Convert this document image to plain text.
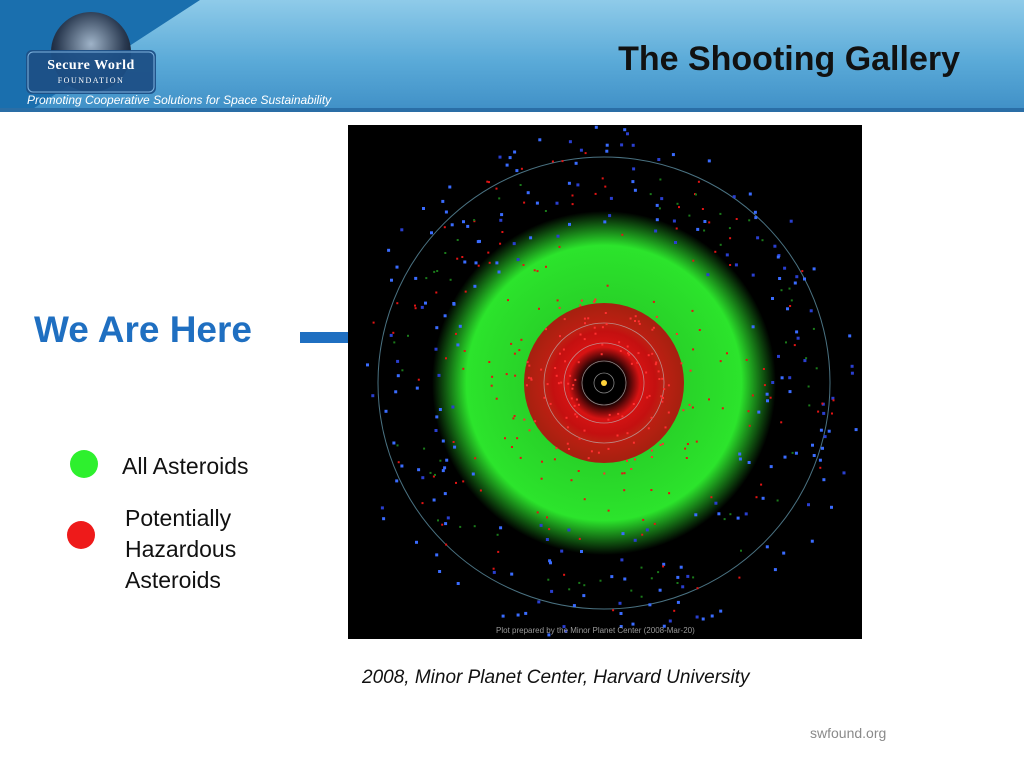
Secure World
FOUNDATION
Promoting Cooperative Solutions for Space Sustainability
The Shooting Gallery
We Are Here
Plot prepared by the Minor Planet Center (2008-Mar-20)
All Asteroids
Potentially Hazardous Asteroids
2008, Minor Planet Center, Harvard University
swfound.org
